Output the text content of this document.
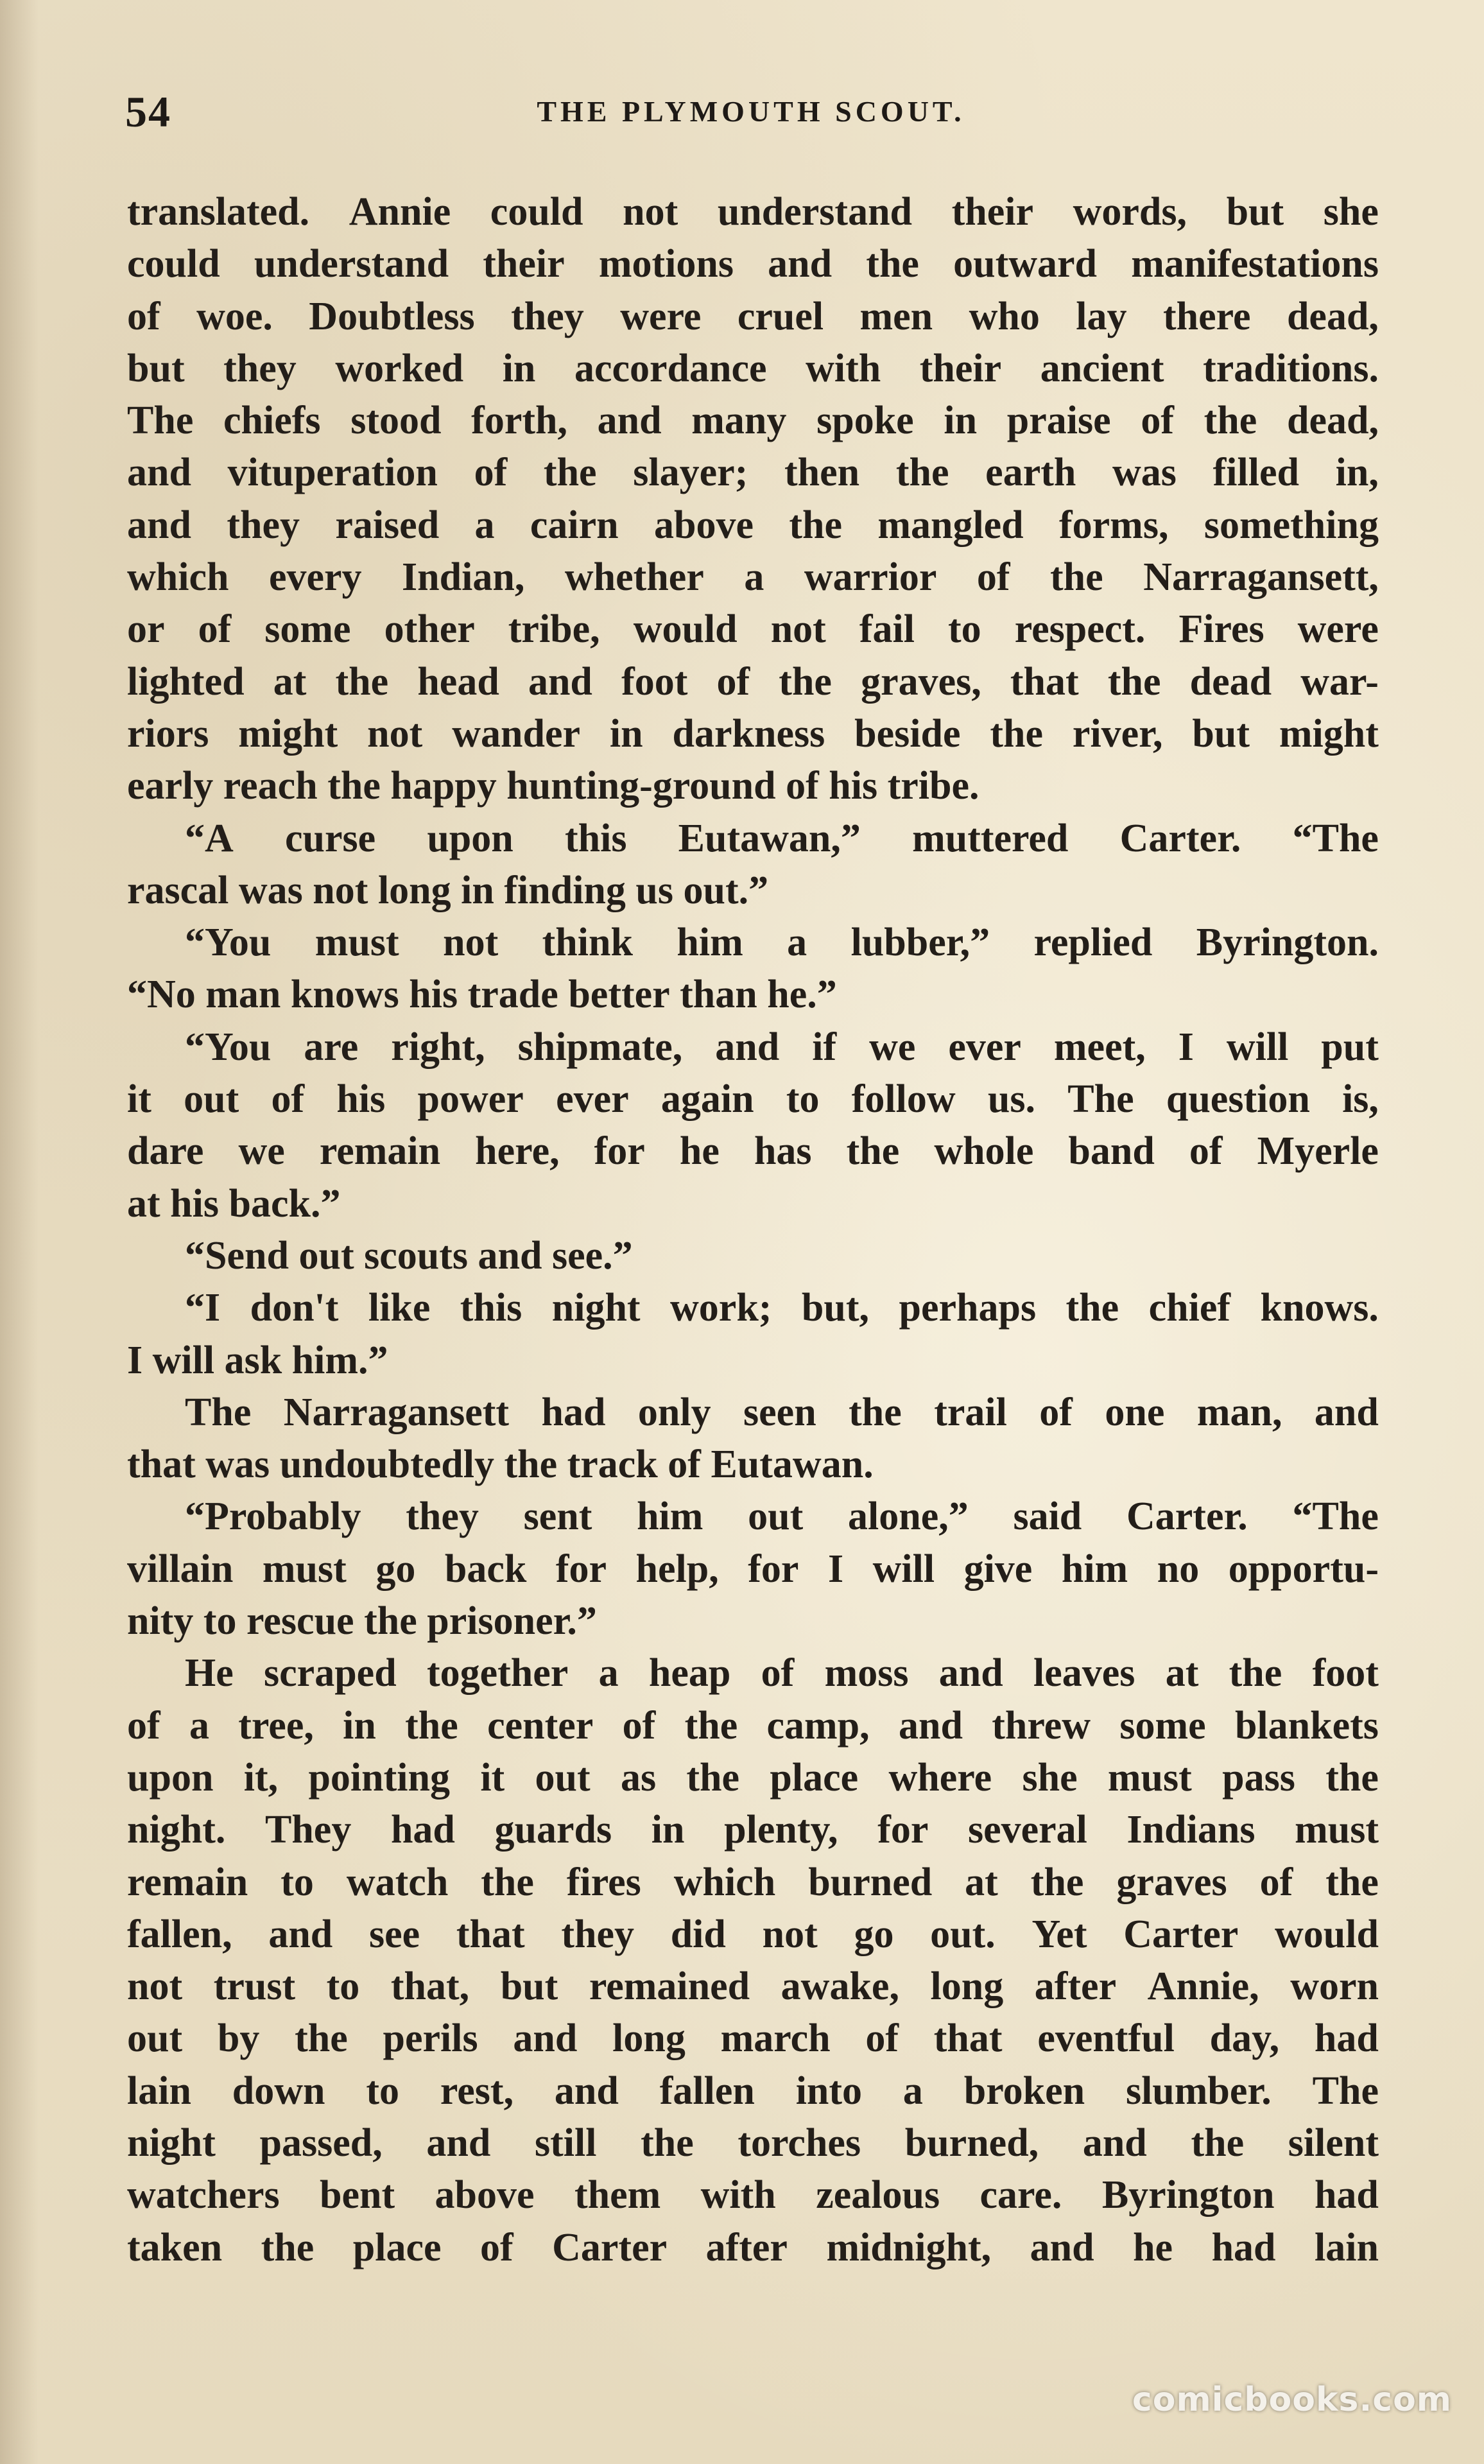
54	THE PLYMOUTH SCOUT.
translated. Annie could not understand their words, but she
could understand their motions and the outward manifestations
of woe. Doubtless they were cruel men who lay there dead,
but they worked in accordance with their ancient traditions.
The chiefs stood forth, and many spoke in praise of the dead,
and vituperation of the slayer; then the earth was filled in,
and they raised a cairn above the mangled forms, something
which every Indian, whether a warrior of the Narragansett,
or of some other tribe, would not fail to respect. Fires were
lighted at the head and foot of the graves, that the dead war-
riors might not wander in darkness beside the river, but might
early reach the happy hunting-ground of his tribe.
“A curse upon this Eutawan,” muttered Carter. “The
rascal was not long in finding us out.”
“You must not think him a lubber,” replied Byrington.
“No man knows his trade better than he.”
“You are right, shipmate, and if we ever meet, I will put
it out of his power ever again to follow us. The question is,
dare we remain here, for he has the whole band of Myerle
at his back.”
“Send out scouts and see.”
“I don't like this night work; but, perhaps the chief knows.
I will ask him.”
The Narragansett had only seen the trail of one man, and
that was undoubtedly the track of Eutawan.
“Probably they sent him out alone,” said Carter. “The
villain must go back for help, for I will give him no opportu-
nity to rescue the prisoner.”
He scraped together a heap of moss and leaves at the foot
of a tree, in the center of the camp, and threw some blankets
upon it, pointing it out as the place where she must pass the
night. They had guards in plenty, for several Indians must
remain to watch the fires which burned at the graves of the
fallen, and see that they did not go out. Yet Carter would
not trust to that, but remained awake, long after Annie, worn
out by the perils and long march of that eventful day, had
lain down to rest, and fallen into a broken slumber. The
night passed, and still the torches burned, and the silent
watchers bent above them with zealous care. Byrington had
taken the place of Carter after midnight, and he had lain
comicbooks.com
